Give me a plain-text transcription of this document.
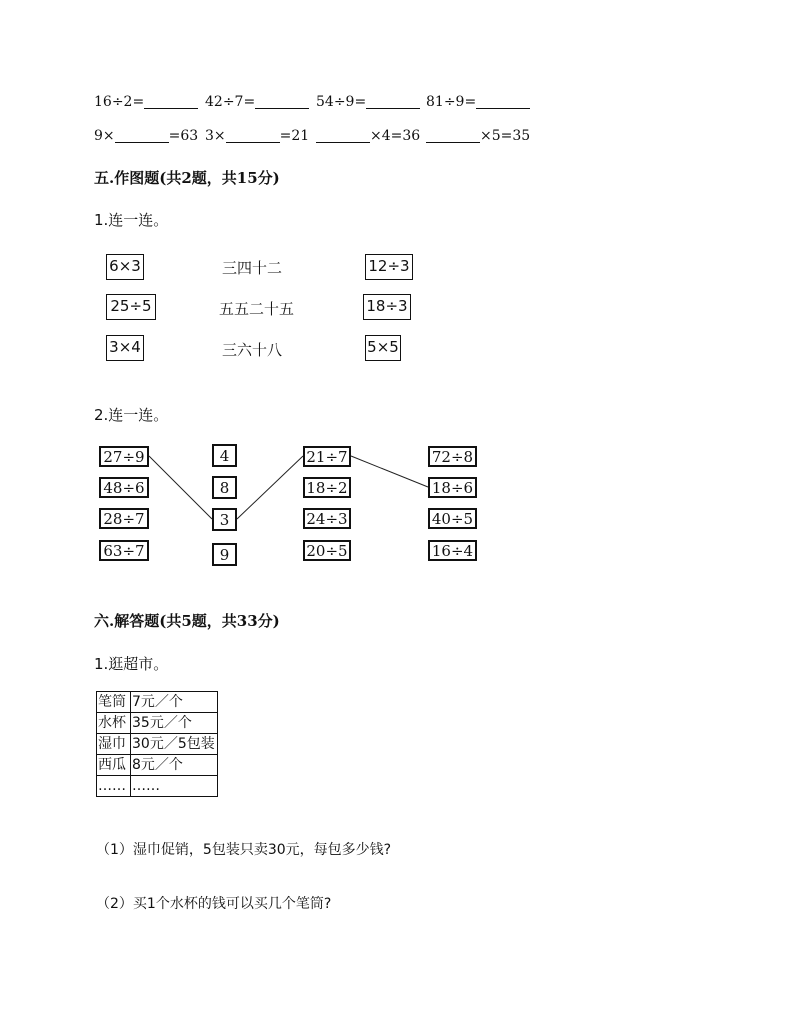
16÷2=	42÷7=	54÷9=	81÷9=
9×	=63 3×	=21	×4=36	×5=35
五.作图题(共2题，共15分)
1.连一连。
6×3
25÷5
3×4
三四十二
五五二十五
三六十八
12÷3
18÷3
5×5
2.连一连。
27÷9
48÷6
28÷7
63÷7
4
8
3
9
21÷7
18÷2
24÷3
20÷5
72÷8
18÷6
40÷5
16÷4
六.解答题(共5题，共33分)
1.逛超市。
笔筒	7元／个
水杯	35元／个
湿巾	30元／5包装
西瓜	8元／个
……	……
（1）湿巾促销，5包装只卖30元，每包多少钱?
（2）买1个水杯的钱可以买几个笔筒?
